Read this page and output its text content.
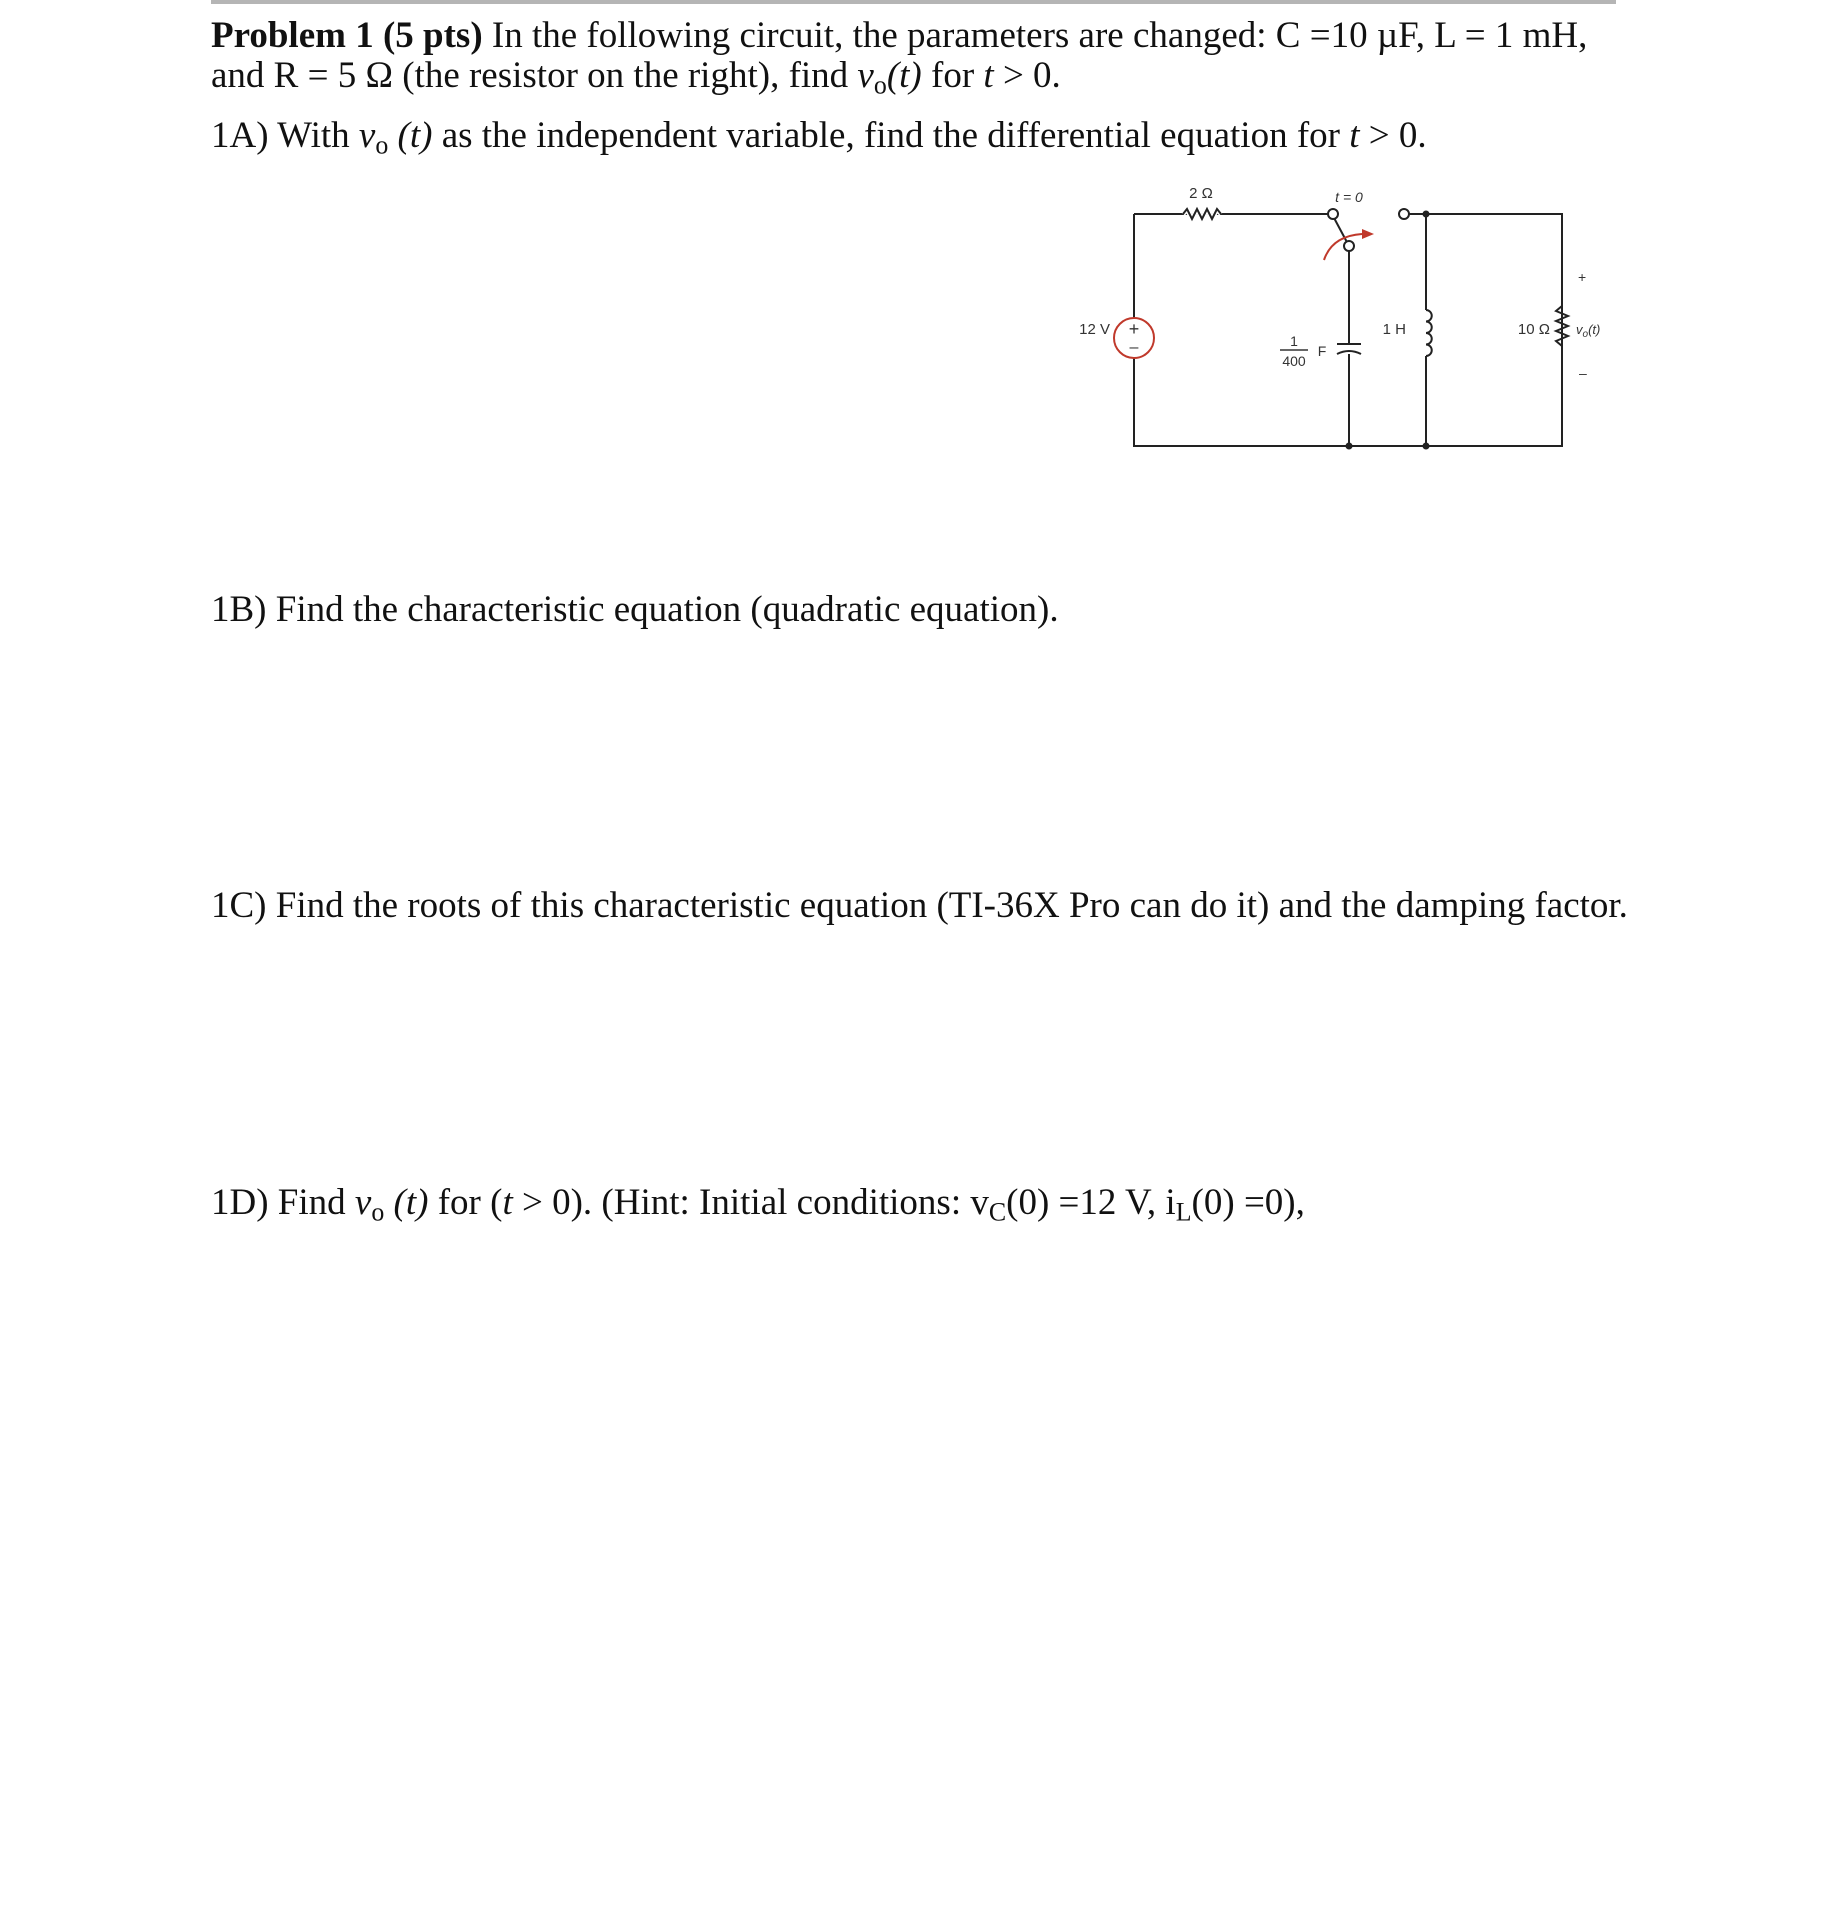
Problem 1 (5 pts) In the following circuit, the parameters are changed: C =10 µF, L = 1 mH,
and R = 5 Ω (the resistor on the right), find $v_o(t)$ for t > 0.
1A) With $v_o$ (t) as the independent variable, find the differential equation for t > 0.
+
–
2 Ω	t = 0
12 V
1
400
F
1 H	10 Ω
+
$v_o(t)$
–
1B) Find the characteristic equation (quadratic equation).
1C) Find the roots of this characteristic equation (TI-36X Pro can do it) and the damping factor.
1D) Find $v_o$ (t) for (t > 0). (Hint: Initial conditions: $v_C(0) =12$ V, $i_L(0) =0$),
